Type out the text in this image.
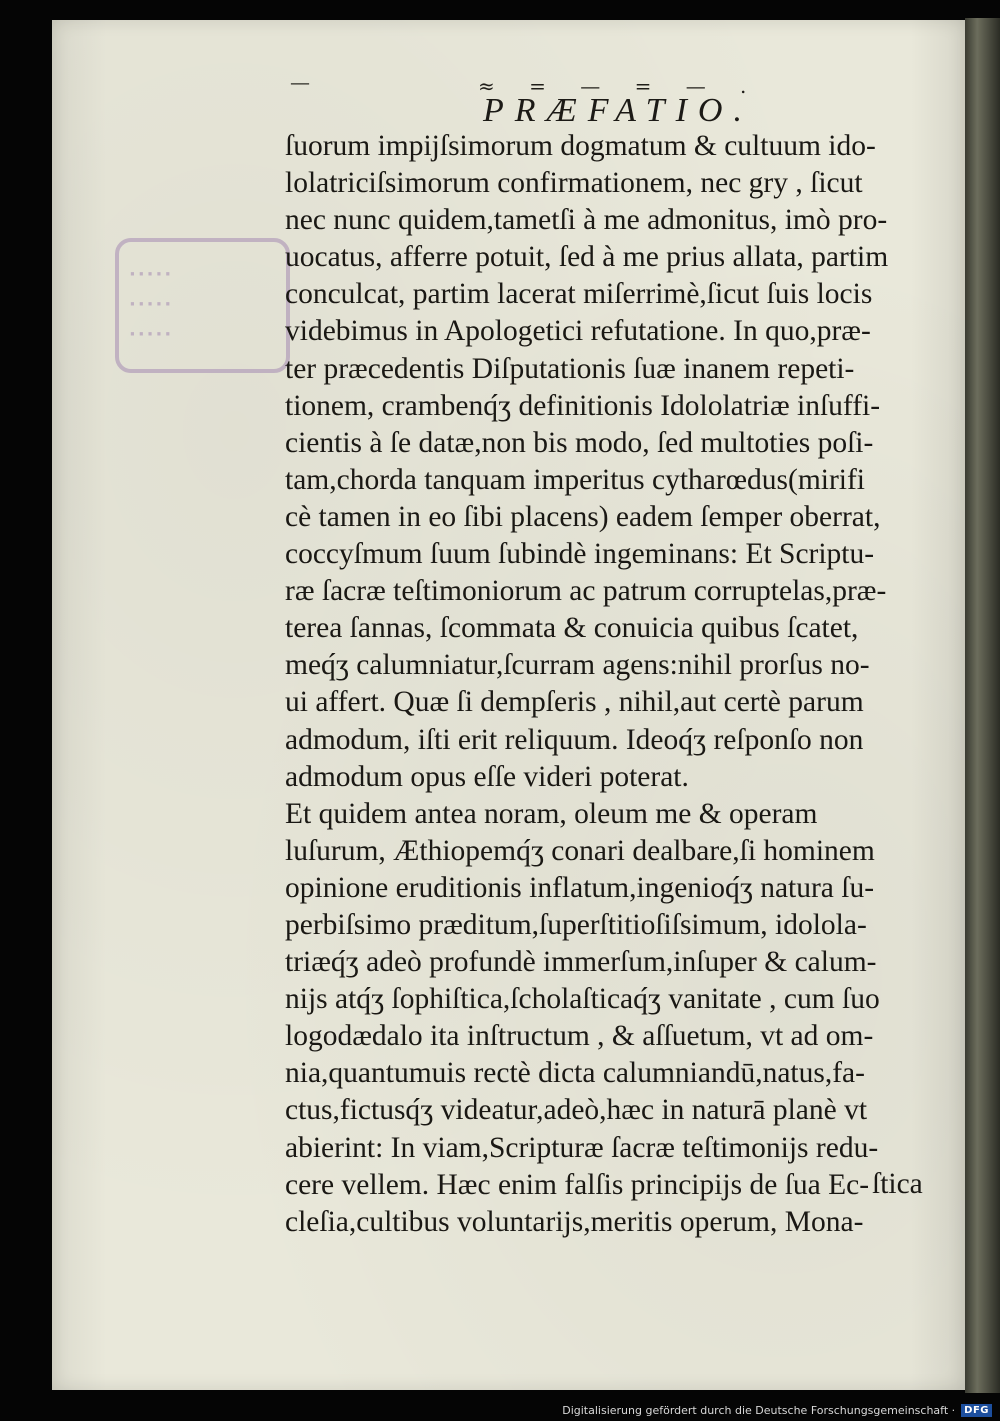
·····
·····
·····
—	≈ = — = — .
PRÆFATIO.
ſuorum impijſsimorum dogmatum & cultuum ido-
lolatriciſsimorum confirmationem, nec gry , ſicut
nec nunc quidem,tametſi à me admonitus, imò pro-
uocatus, afferre potuit, ſed à me prius allata, partim
conculcat, partim lacerat miſerrimè,ſicut ſuis locis
videbimus in Apologetici refutatione. In quo,præ-
ter præcedentis Diſputationis ſuæ inanem repeti-
tionem, crambenq́ʒ definitionis Idololatriæ inſuffi-
cientis à ſe datæ,non bis modo, ſed multoties poſi-
tam,chorda tanquam imperitus cytharœdus(mirifi
cè tamen in eo ſibi placens) eadem ſemper oberrat,
coccyſmum ſuum ſubindè ingeminans: Et Scriptu-
ræ ſacræ teſtimoniorum ac patrum corruptelas,præ-
terea ſannas, ſcommata & conuicia quibus ſcatet,
meq́ʒ calumniatur,ſcurram agens:nihil prorſus no-
ui affert. Quæ ſi dempſeris , nihil,aut certè parum
admodum, iſti erit reliquum. Ideoq́ʒ reſponſo non
admodum opus eſſe videri poterat.
Et quidem antea noram, oleum me & operam
luſurum, Æthiopemq́ʒ conari dealbare,ſi hominem
opinione eruditionis inflatum,ingenioq́ʒ natura ſu-
perbiſsimo præditum,ſuperſtitioſiſsimum, idolola-
triæq́ʒ adeò profundè immerſum,inſuper & calum-
nijs atq́ʒ ſophiſtica,ſcholaſticaq́ʒ vanitate , cum ſuo
logodædalo ita inſtructum , & aſſuetum, vt ad om-
nia,quantumuis rectè dicta calumniandū,natus,fa-
ctus,fictusq́ʒ videatur,adeò,hæc in naturā planè vt
abierint: In viam,Scripturæ ſacræ teſtimonijs redu-
cere vellem. Hæc enim falſis principijs de ſua Ec-
cleſia,cultibus voluntarijs,meritis operum, Mona-
ſtica
Digitalisierung gefördert durch die Deutsche Forschungsgemeinschaft · DFG
